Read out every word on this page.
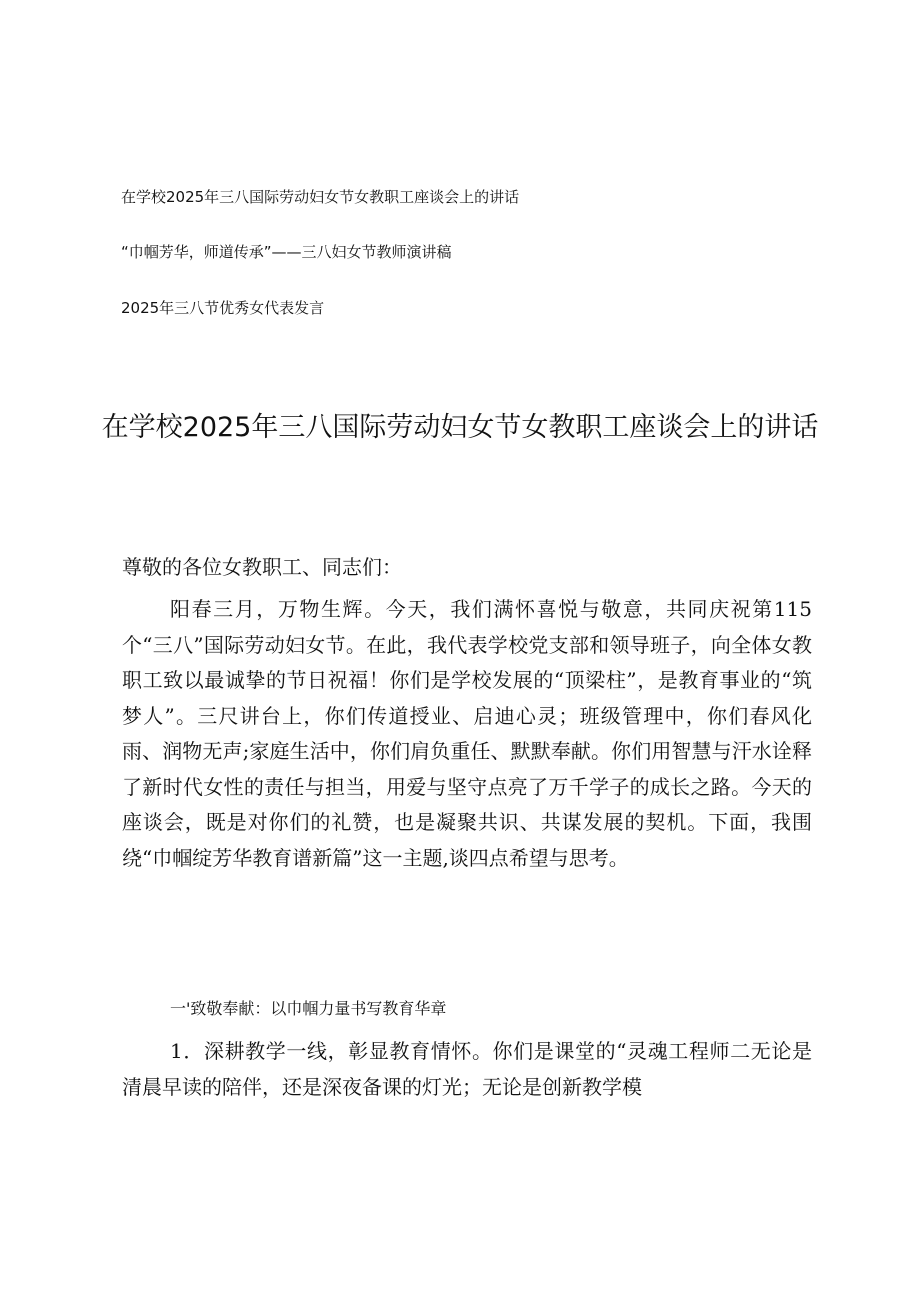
在学校2025年三八国际劳动妇女节女教职工座谈会上的讲话
“巾帼芳华，师道传承”——三八妇女节教师演讲稿
2025年三八节优秀女代表发言
在学校2025年三八国际劳动妇女节女教职工座谈会上的讲话
尊敬的各位女教职工、同志们：

阳春三月，万物生辉。今天，我们满怀喜悦与敬意，共同庆祝第115个“三八”国际劳动妇女节。在此，我代表学校党支部和领导班子，向全体女教职工致以最诚挚的节日祝福！你们是学校发展的“顶梁柱”，是教育事业的“筑梦人”。三尺讲台上，你们传道授业、启迪心灵；班级管理中，你们春风化雨、润物无声;家庭生活中，你们肩负重任、默默奉献。你们用智慧与汗水诠释了新时代女性的责任与担当，用爱与坚守点亮了万千学子的成长之路。今天的座谈会，既是对你们的礼赞，也是凝聚共识、共谋发展的契机。下面，我围绕“巾帼绽芳华教育谱新篇”这一主题,谈四点希望与思考。

一'致敬奉献：以巾帼力量书写教育华章

1．深耕教学一线，彰显教育情怀。你们是课堂的“灵魂工程师二无论是清晨早读的陪伴，还是深夜备课的灯光；无论是创新教学模
